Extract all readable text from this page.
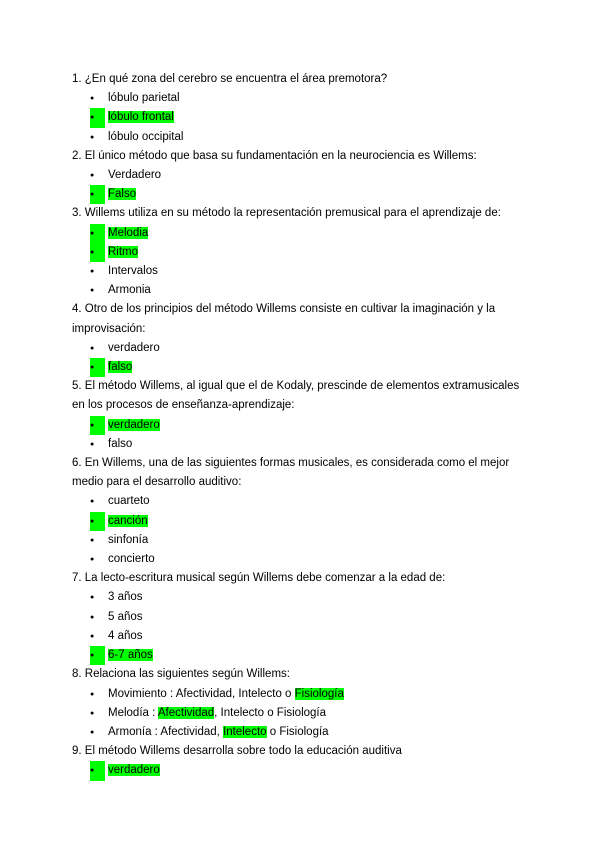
1. ¿En qué zona del cerebro se encuentra el área premotora?

● lóbulo parietal
● lóbulo frontal
● lóbulo occipital

2. El único método que basa su fundamentación en la neurociencia es Willems:

● Verdadero
● Falso

3. Willems utiliza en su método la representación premusical para el aprendizaje de:

● Melodia
● Ritmo
● Intervalos
● Armonia

4. Otro de los principios del método Willems consiste en cultivar la imaginación y la improvisación:

● verdadero
● falso

5. El método Willems, al igual que el de Kodaly, prescinde de elementos extramusicales en los procesos de enseñanza-aprendizaje:

● verdadero
● falso

6. En Willems, una de las siguientes formas musicales, es considerada como el mejor medio para el desarrollo auditivo:

● cuarteto
● canción
● sinfonía
● concierto

7. La lecto-escritura musical según Willems debe comenzar a la edad de:

● 3 años
● 5 años
● 4 años
● 6-7 años

8. Relaciona las siguientes según Willems:

● Movimiento : Afectividad, Intelecto o Fisiología
● Melodía : Afectividad, Intelecto o Fisiología
● Armonía : Afectividad, Intelecto o Fisiología

9. El método Willems desarrolla sobre todo la educación auditiva

● verdadero
